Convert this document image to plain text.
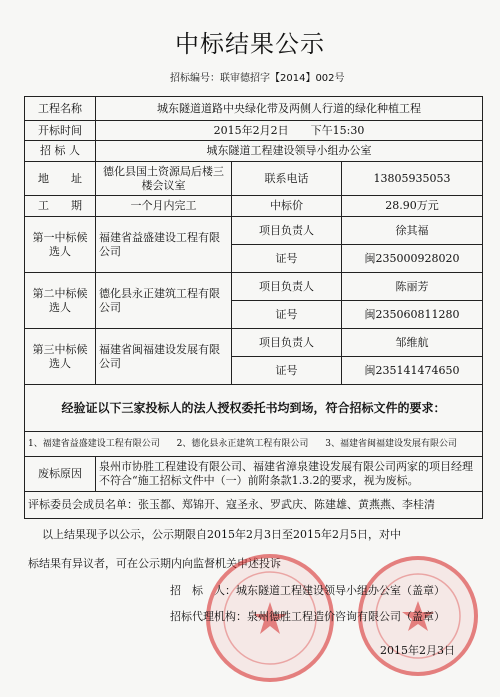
中标结果公示
招标编号：联审德招字【2014】002号
工程名称	城东隧道道路中央绿化带及两侧人行道的绿化种植工程		
开标时间	2015年2月2日　　下午15:30		
招 标 人	城东隧道工程建设领导小组办公室		
地　　址	德化县国土资源局后楼三楼会议室	联系电话	13805935053
工　　期	一个月内完工	中标价	28.90万元
第一中标候选人	福建省益盛建设工程有限公司	项目负责人	徐其福
		证号	闽235000928020
第二中标候选人	德化县永正建筑工程有限公司	项目负责人	陈丽芳
		证号	闽235060811280
第三中标候选人	福建省闽福建设发展有限公司	项目负责人	邹维航
		证号	闽235141474650
经验证以下三家投标人的法人授权委托书均到场，符合招标文件的要求：			
1、福建省益盛建设工程有限公司 2、德化县永正建筑工程有限公司 3、福建省闽福建设发展有限公司			
废标原因	泉州市协胜工程建设有限公司、福建省漳泉建设发展有限公司两家的项目经理不符合“施工招标文件中（一）前附条款1.3.2的要求，视为废标。		
评标委员会成员名单：张玉都、郑锦开、寇圣永、罗武庆、陈建雄、黄燕燕、李桂清			
以上结果现予以公示，公示期限自2015年2月3日至2015年2月5日，对中
标结果有异议者，可在公示期内向监督机关申述投诉
招　标　人：城东隧道工程建设领导小组办公室（盖章）
招标代理机构：泉州德胜工程造价咨询有限公司（盖章）
2015年2月3日
